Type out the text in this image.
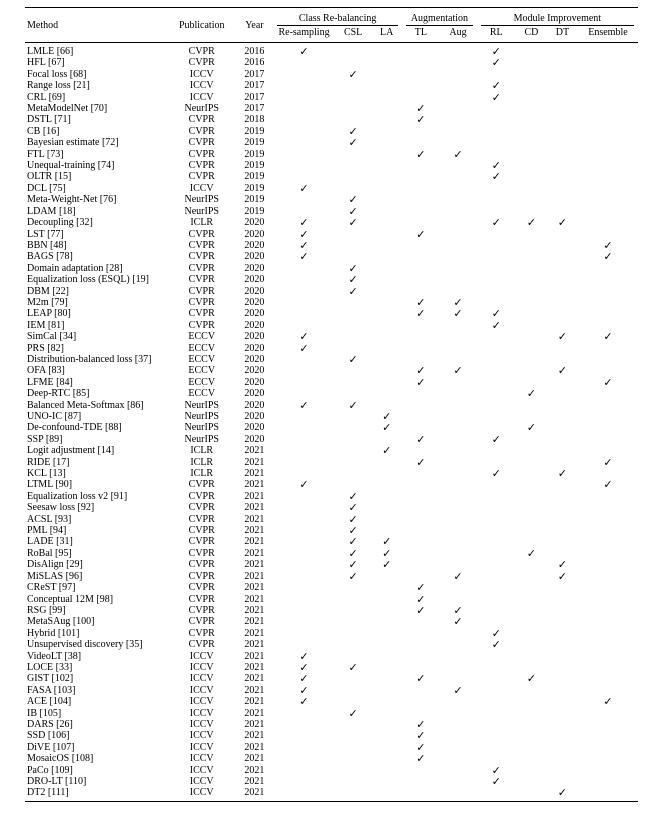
Method	Publication	Year	Class Re-balancing			Augmentation		Module Improvement			

			Re-sampling	CSL	LA	TL	Aug	RL	CD	DT	Ensemble
LMLE [66]	CVPR	2016	✓					✓			
HFL [67]	CVPR	2016						✓			
Focal loss [68]	ICCV	2017		✓							
Range loss [21]	ICCV	2017						✓			
CRL [69]	ICCV	2017						✓			
MetaModelNet [70]	NeurIPS	2017				✓					
DSTL [71]	CVPR	2018				✓					
CB [16]	CVPR	2019		✓							
Bayesian estimate [72]	CVPR	2019		✓							
FTL [73]	CVPR	2019				✓	✓				
Unequal-training [74]	CVPR	2019						✓			
OLTR [15]	CVPR	2019						✓			
DCL [75]	ICCV	2019	✓								
Meta-Weight-Net [76]	NeurIPS	2019		✓							
LDAM [18]	NeurIPS	2019		✓							
Decoupling [32]	ICLR	2020	✓	✓				✓	✓	✓	
LST [77]	CVPR	2020	✓			✓					
BBN [48]	CVPR	2020	✓								✓
BAGS [78]	CVPR	2020	✓								✓
Domain adaptation [28]	CVPR	2020		✓							
Equalization loss (ESQL) [19]	CVPR	2020		✓							
DBM [22]	CVPR	2020		✓							
M2m [79]	CVPR	2020				✓	✓				
LEAP [80]	CVPR	2020				✓	✓	✓			
IEM [81]	CVPR	2020						✓			
SimCal [34]	ECCV	2020	✓							✓	✓
PRS [82]	ECCV	2020	✓								
Distribution-balanced loss [37]	ECCV	2020		✓							
OFA [83]	ECCV	2020				✓	✓			✓	
LFME [84]	ECCV	2020				✓					✓
Deep-RTC [85]	ECCV	2020							✓		
Balanced Meta-Softmax [86]	NeurIPS	2020	✓	✓							
UNO-IC [87]	NeurIPS	2020			✓						
De-confound-TDE [88]	NeurIPS	2020			✓				✓		
SSP [89]	NeurIPS	2020				✓		✓			
Logit adjustment [14]	ICLR	2021			✓						
RIDE [17]	ICLR	2021				✓					✓
KCL [13]	ICLR	2021						✓		✓	
LTML [90]	CVPR	2021	✓								✓
Equalization loss v2 [91]	CVPR	2021		✓							
Seesaw loss [92]	CVPR	2021		✓							
ACSL [93]	CVPR	2021		✓							
PML [94]	CVPR	2021		✓							
LADE [31]	CVPR	2021		✓	✓						
RoBal [95]	CVPR	2021		✓	✓				✓		
DisAlign [29]	CVPR	2021		✓	✓					✓	
MiSLAS [96]	CVPR	2021		✓			✓			✓	
CReST [97]	CVPR	2021				✓					
Conceptual 12M [98]	CVPR	2021				✓					
RSG [99]	CVPR	2021				✓	✓				
MetaSAug [100]	CVPR	2021					✓				
Hybrid [101]	CVPR	2021						✓			
Unsupervised discovery [35]	CVPR	2021						✓			
VideoLT [38]	ICCV	2021	✓								
LOCE [33]	ICCV	2021	✓	✓							
GIST [102]	ICCV	2021	✓			✓			✓		
FASA [103]	ICCV	2021	✓				✓				
ACE [104]	ICCV	2021	✓								✓
IB [105]	ICCV	2021		✓							
DARS [26]	ICCV	2021				✓					
SSD [106]	ICCV	2021				✓					
DiVE [107]	ICCV	2021				✓					
MosaicOS [108]	ICCV	2021				✓					
PaCo [109]	ICCV	2021						✓			
DRO-LT [110]	ICCV	2021						✓			
DT2 [111]	ICCV	2021								✓	
